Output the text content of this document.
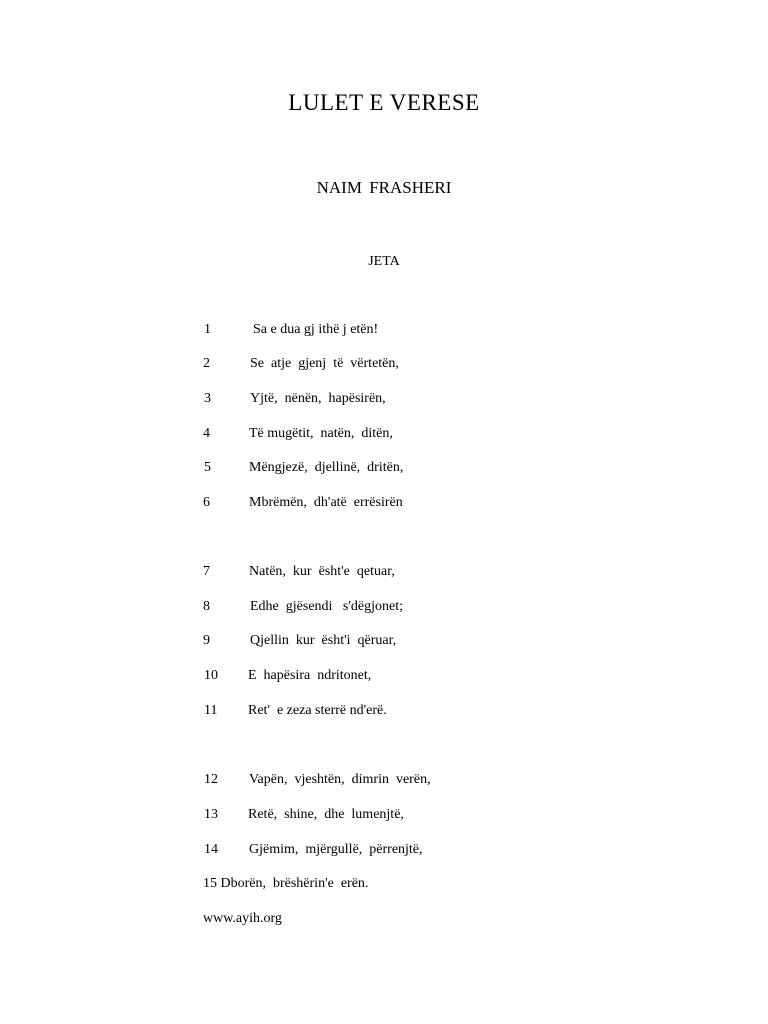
LULET E VERESE
NAIM FRASHERI
JETA
1	Sa e dua gj ithë j etën!
2	Se  atje  gjenj  të  vërtetën,
3	Yjtë,  nënën,  hapësirën,
4	Të mugëtit,  natën,  ditën,
5	Mëngjezë,  djellinë,  dritën,
6	Mbrëmën,  dh'atë  errësirën
7	Natën,  kur  ësht'e  qetuar,
8	Edhe  gjësendi   s'dëgjonet;
9	Qjellin  kur  ësht'i  qëruar,
10 E  hapësira  ndritonet,
11 Ret'  e zeza sterrë nd'erë.
12 Vapën,  vjeshtën,  dimrin  verën,
13 Retë,  shine,  dhe  lumenjtë,
14 Gjëmim,  mjërgullë,  përrenjtë,
15 Dborën,  brëshërin'e  erën.
www.ayih.org
